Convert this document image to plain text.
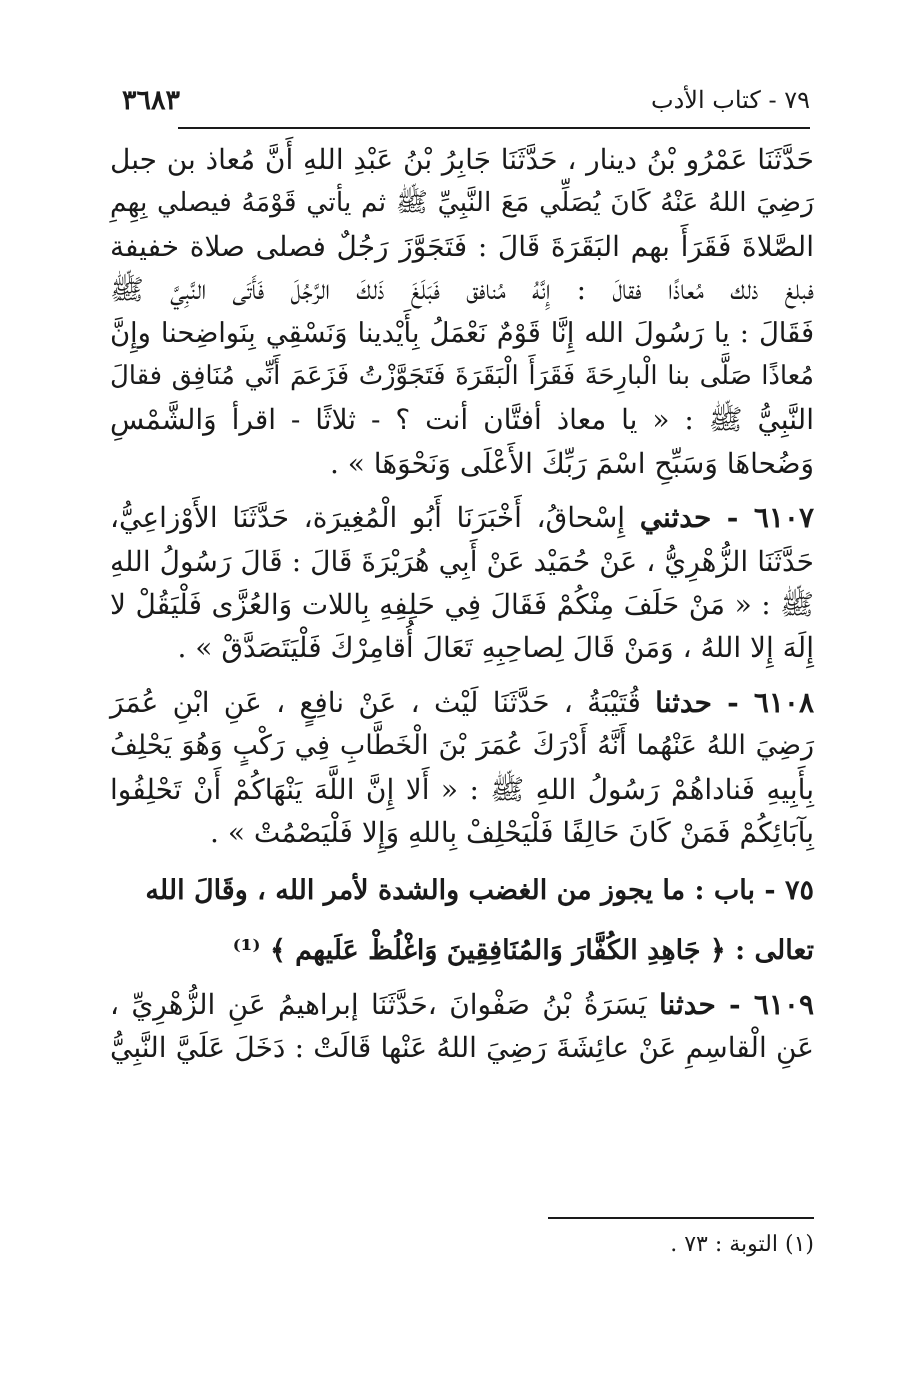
٧٩ - كتاب الأدب
٣٦٨٣

حَدَّثَنَا عَمْرُو بْنُ دينار ، حَدَّثَنَا جَابِرُ بْنُ عَبْدِ اللهِ أَنَّ مُعاذ بن جبل
رَضِيَ اللهُ عَنْهُ كَانَ يُصَلِّي مَعَ النَّبِيِّ ﷺ ثم يأتي قَوْمَهُ فيصلي بِهِمِ
الصَّلاةَ فَقَرَأَ بهم البَقَرَةَ قَالَ : فَتَجَوَّزَ رَجُلٌ فصلى صلاة خفيفة
فبلغ ذلك مُعاذًا فقالَ : إِنَّهُ مُنافق فَبَلَغَ ذَلكَ الرَّجُلَ فَأَتَى النَّبِيَّ ﷺ
فَقَالَ : يا رَسُولَ الله إِنَّا قَوْمٌ نَعْمَلُ بِأَيْدينا وَنَسْقِي بِنَواضِحنا وإِنَّ
مُعاذًا صَلَّى بنا الْبارِحَةَ فَقَرَأَ الْبَقَرَةَ فَتَجَوَّزْتُ فَزَعَمَ أَنِّي مُنَافِق فقالَ
النَّبِيُّ ﷺ : « يا معاذ أفتَّان أنت ؟ - ثلاثًا - اقرأ وَالشَّمْسِ
وَضُحاهَا وَسَبِّحِ اسْمَ رَبِّكَ الأَعْلَى وَنَحْوَهَا » .

٦١٠٧ - حدثني إِسْحاقُ، أَخْبَرَنَا أَبُو الْمُغِيرَة، حَدَّثَنَا الأَوْزاعِيُّ،
حَدَّثَنَا الزُّهْرِيُّ ، عَنْ حُمَيْد عَنْ أَبِي هُرَيْرَةَ قَالَ : قَالَ رَسُولُ اللهِ
ﷺ : « مَنْ حَلَفَ مِنْكُمْ فَقَالَ فِي حَلِفِهِ بِاللات وَالعُزَّى فَلْيَقُلْ لا
إِلَهَ إِلا اللهُ ، وَمَنْ قَالَ لِصاحِبِهِ تَعَالَ أُقامِرْكَ فَلْيَتَصَدَّقْ » .

٦١٠٨ - حدثنا قُتَيْبَةُ ، حَدَّثَنَا لَيْث ، عَنْ نافِعٍ ، عَنِ ابْنِ عُمَرَ
رَضِيَ اللهُ عَنْهُما أَنَّهُ أَدْرَكَ عُمَرَ بْنَ الْخَطَّابِ فِي رَكْبٍ وَهُوَ يَحْلِفُ
بِأَبِيهِ فَناداهُمْ رَسُولُ اللهِ ﷺ : « أَلا إِنَّ اللَّهَ يَنْهَاكُمْ أَنْ تَحْلِفُوا
بِآبَائِكُمْ فَمَنْ كَانَ حَالِفًا فَلْيَحْلِفْ بِاللهِ وَإِلا فَلْيَصْمُتْ » .

٧٥ - باب : ما يجوز من الغضب والشدة لأمر الله ، وقَالَ الله
تعالى : ﴿ جَاهِدِ الكُفَّارَ وَالمُنَافِقِينَ وَاغْلُظْ عَلَيهم ﴾ ⁽¹⁾

٦١٠٩ - حدثنا يَسَرَةُ بْنُ صَفْوانَ ،حَدَّثَنَا إبراهيمُ عَنِ الزُّهْرِيِّ ،
عَنِ الْقاسِمِ عَنْ عائِشَةَ رَضِيَ اللهُ عَنْها قَالَتْ : دَخَلَ عَلَيَّ النَّبِيُّ

(١) التوبة : ٧٣ .
